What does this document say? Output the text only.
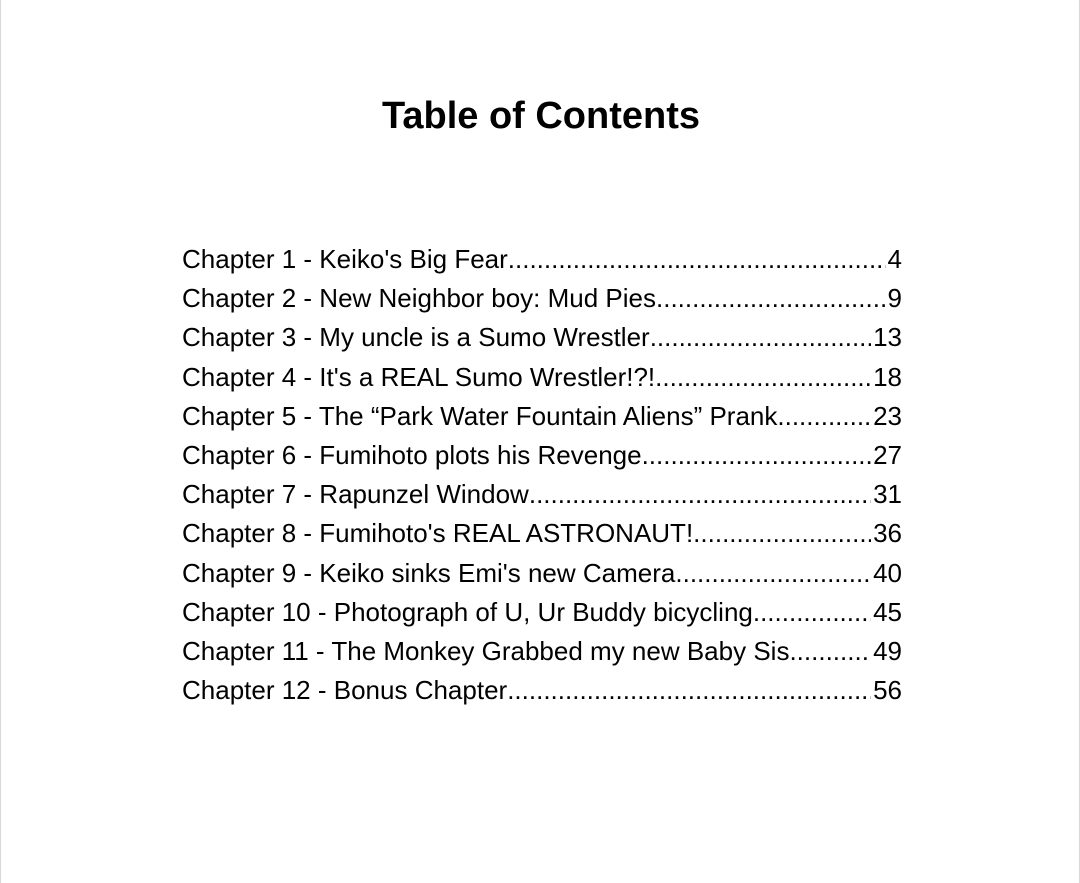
Table of Contents
Chapter 1 - Keiko's Big Fear .....	4
Chapter 2 - New Neighbor boy: Mud Pies .....	9
Chapter 3 - My uncle is a Sumo Wrestler .....	13
Chapter 4 - It's a REAL Sumo Wrestler!?! .....	18
Chapter 5 - The “Park Water Fountain Aliens” Prank .....	23
Chapter 6 - Fumihoto plots his Revenge .....	27
Chapter 7 - Rapunzel Window .....	31
Chapter 8 - Fumihoto's REAL ASTRONAUT! .....	36
Chapter 9 - Keiko sinks Emi's new Camera .....	40
Chapter 10 - Photograph of U, Ur Buddy bicycling .....	45
Chapter 11 - The Monkey Grabbed my new Baby Sis .....	49
Chapter 12 - Bonus Chapter .....	56
